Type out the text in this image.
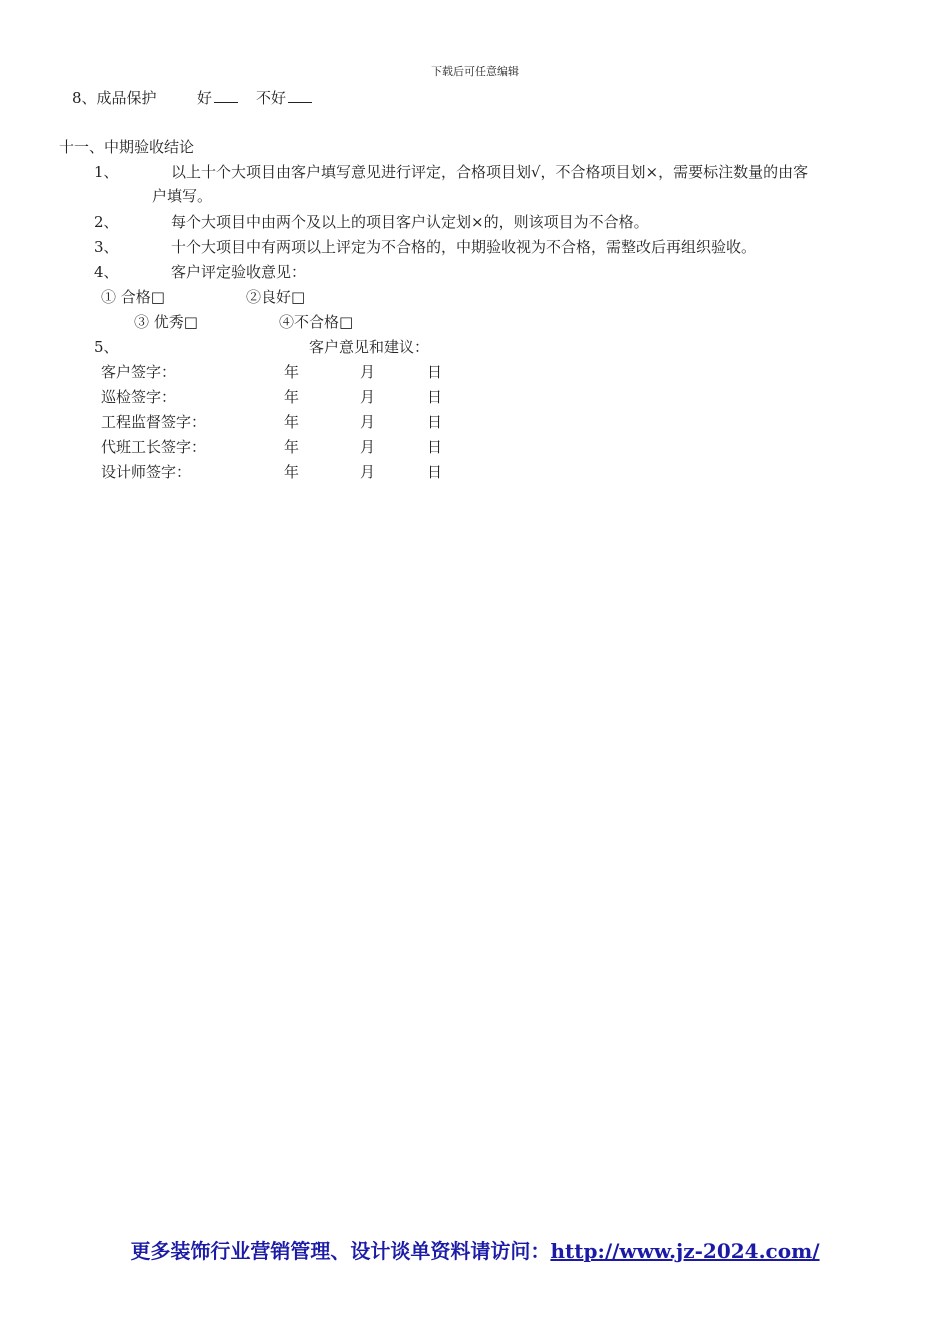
下载后可任意编辑
8、成品保护	好	不好
十一、中期验收结论
1、	以上十个大项目由客户填写意见进行评定，合格项目划√，不合格项目划×，需要标注数量的由客
户填写。
2、	每个大项目中由两个及以上的项目客户认定划×的，则该项目为不合格。
3、	十个大项目中有两项以上评定为不合格的，中期验收视为不合格，需整改后再组织验收。
4、	客户评定验收意见：
① 合格□	②良好□
③ 优秀□	④不合格□
5、	客户意见和建议：
客户签字：	年	月	日
巡检签字：	年	月	日
工程监督签字：	年	月	日
代班工长签字：	年	月	日
设计师签字：	年	月	日
更多装饰行业营销管理、设计谈单资料请访问：http://www.jz-2024.com/
